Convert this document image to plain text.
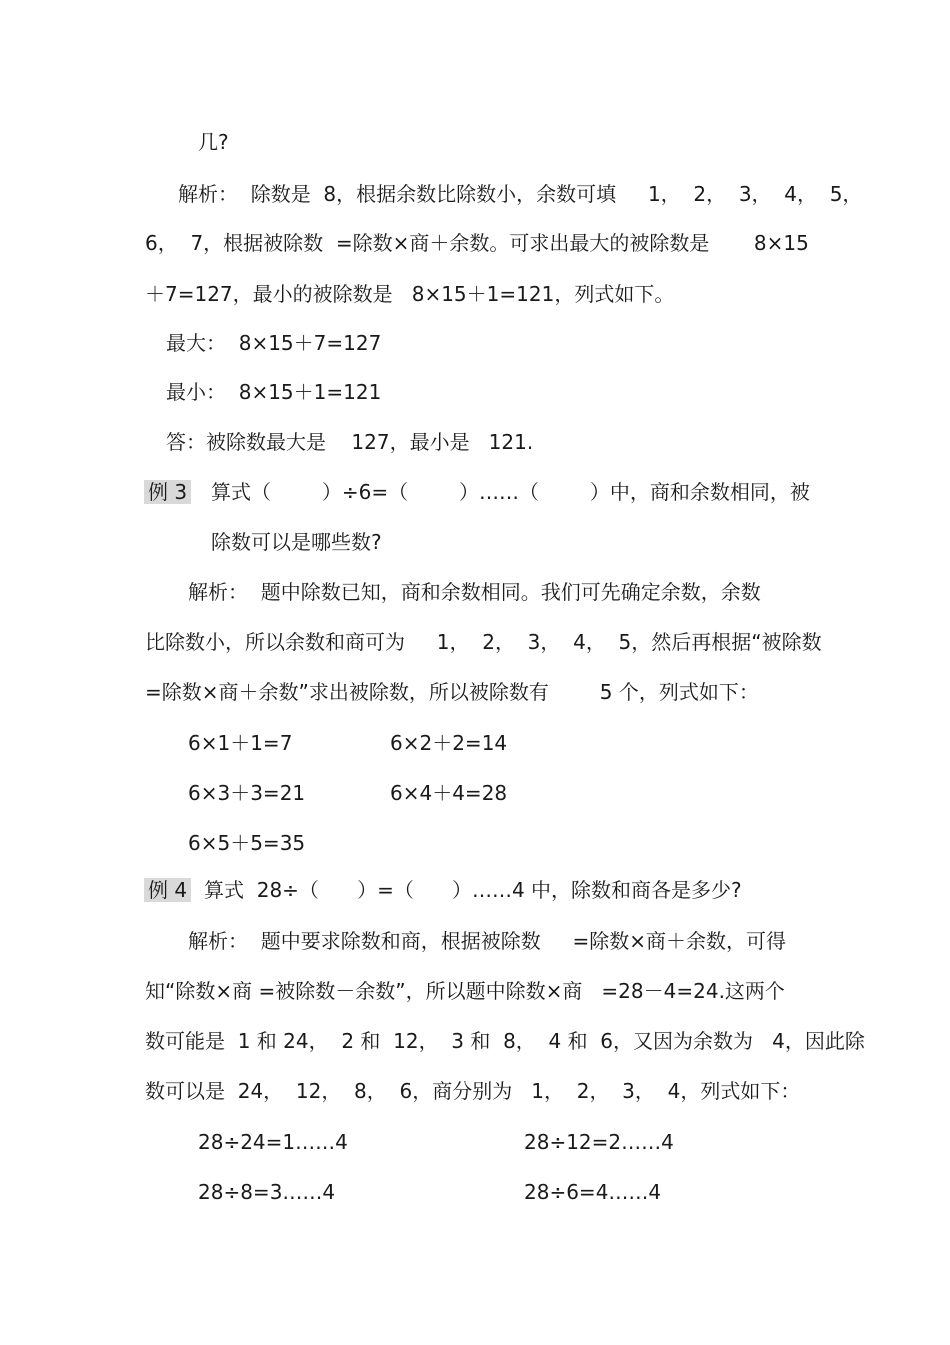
几?
解析：  除数是  8，根据余数比除数小，余数可填     1，  2，  3，  4，  5，
6，  7，根据被除数  =除数×商＋余数。可求出最大的被除数是       8×15
＋7=127，最小的被除数是   8×15＋1=121，列式如下。
最大：  8×15＋7=127
最小：  8×15＋1=121
答：被除数最大是    127，最小是   121.
例 3 算式（        ）÷6=（        ）……（        ）中，商和余数相同，被
除数可以是哪些数?
解析：  题中除数已知，商和余数相同。我们可先确定余数，余数
比除数小，所以余数和商可为     1，  2，  3，  4，  5，然后再根据“被除数
=除数×商＋余数”求出被除数，所以被除数有        5 个，列式如下：
6×1＋1=7	6×2＋2=14
6×3＋3=21	6×4＋4=28
6×5＋5=35
例 4 算式  28÷（      ）=（      ）……4 中，除数和商各是多少?
解析：  题中要求除数和商，根据被除数     =除数×商＋余数，可得
知“除数×商 =被除数－余数”，所以题中除数×商   =28－4=24.这两个
数可能是  1 和 24，  2 和  12，  3 和  8，  4 和  6，又因为余数为   4，因此除
数可以是  24，  12，  8，  6，商分别为   1，  2，  3，  4，列式如下：
28÷24=1……4	28÷12=2……4
28÷8=3……4	28÷6=4……4
